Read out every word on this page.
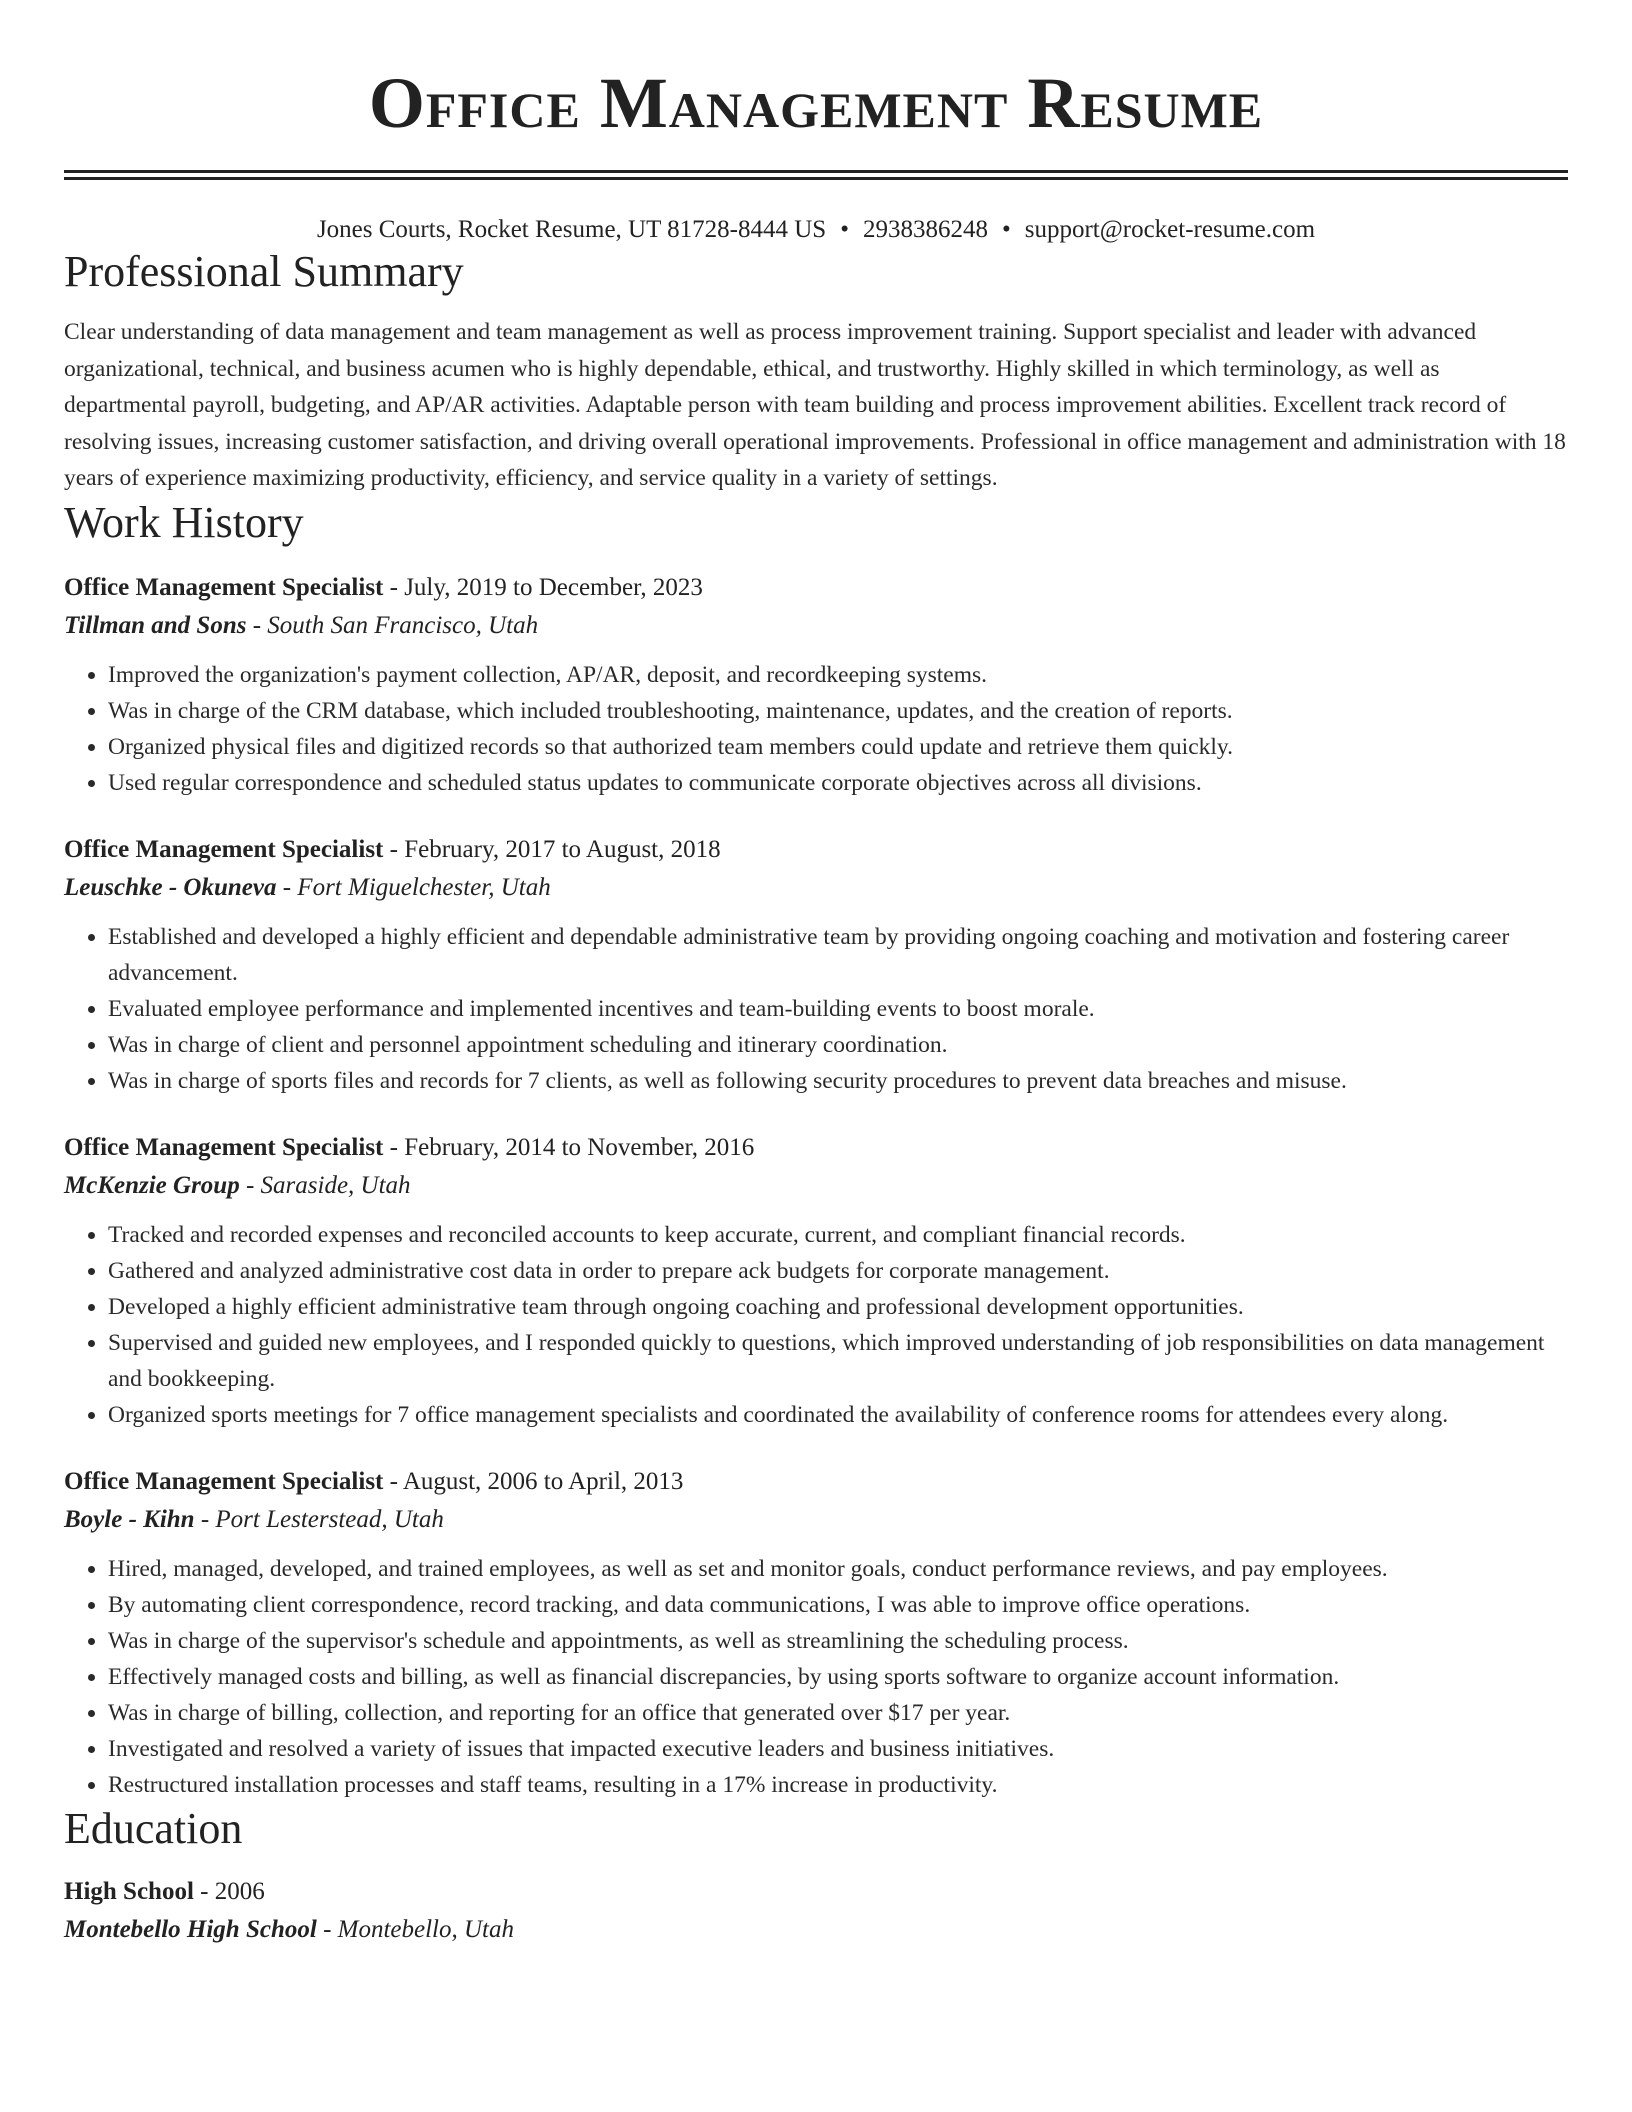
Office Management Resume
Jones Courts, Rocket Resume, UT 81728-8444 US • 2938386248 • support@rocket-resume.com
Professional Summary

Clear understanding of data management and team management as well as process improvement training. Support specialist and leader with advanced organizational, technical, and business acumen who is highly dependable, ethical, and trustworthy. Highly skilled in which terminology, as well as departmental payroll, budgeting, and AP/AR activities. Adaptable person with team building and process improvement abilities. Excellent track record of resolving issues, increasing customer satisfaction, and driving overall operational improvements. Professional in office management and administration with 18 years of experience maximizing productivity, efficiency, and service quality in a variety of settings.

Work History
Office Management Specialist - July, 2019 to December, 2023
Tillman and Sons - South San Francisco, Utah
• Improved the organization's payment collection, AP/AR, deposit, and recordkeeping systems.
• Was in charge of the CRM database, which included troubleshooting, maintenance, updates, and the creation of reports.
• Organized physical files and digitized records so that authorized team members could update and retrieve them quickly.
• Used regular correspondence and scheduled status updates to communicate corporate objectives across all divisions.
Office Management Specialist - February, 2017 to August, 2018
Leuschke - Okuneva - Fort Miguelchester, Utah
• Established and developed a highly efficient and dependable administrative team by providing ongoing coaching and motivation and fostering career advancement.
• Evaluated employee performance and implemented incentives and team-building events to boost morale.
• Was in charge of client and personnel appointment scheduling and itinerary coordination.
• Was in charge of sports files and records for 7 clients, as well as following security procedures to prevent data breaches and misuse.
Office Management Specialist - February, 2014 to November, 2016
McKenzie Group - Saraside, Utah
• Tracked and recorded expenses and reconciled accounts to keep accurate, current, and compliant financial records.
• Gathered and analyzed administrative cost data in order to prepare ack budgets for corporate management.
• Developed a highly efficient administrative team through ongoing coaching and professional development opportunities.
• Supervised and guided new employees, and I responded quickly to questions, which improved understanding of job responsibilities on data management and bookkeeping.
• Organized sports meetings for 7 office management specialists and coordinated the availability of conference rooms for attendees every along.
Office Management Specialist - August, 2006 to April, 2013
Boyle - Kihn - Port Lesterstead, Utah
• Hired, managed, developed, and trained employees, as well as set and monitor goals, conduct performance reviews, and pay employees.
• By automating client correspondence, record tracking, and data communications, I was able to improve office operations.
• Was in charge of the supervisor's schedule and appointments, as well as streamlining the scheduling process.
• Effectively managed costs and billing, as well as financial discrepancies, by using sports software to organize account information.
• Was in charge of billing, collection, and reporting for an office that generated over $17 per year.
• Investigated and resolved a variety of issues that impacted executive leaders and business initiatives.
• Restructured installation processes and staff teams, resulting in a 17% increase in productivity.
Education
High School - 2006
Montebello High School - Montebello, Utah
